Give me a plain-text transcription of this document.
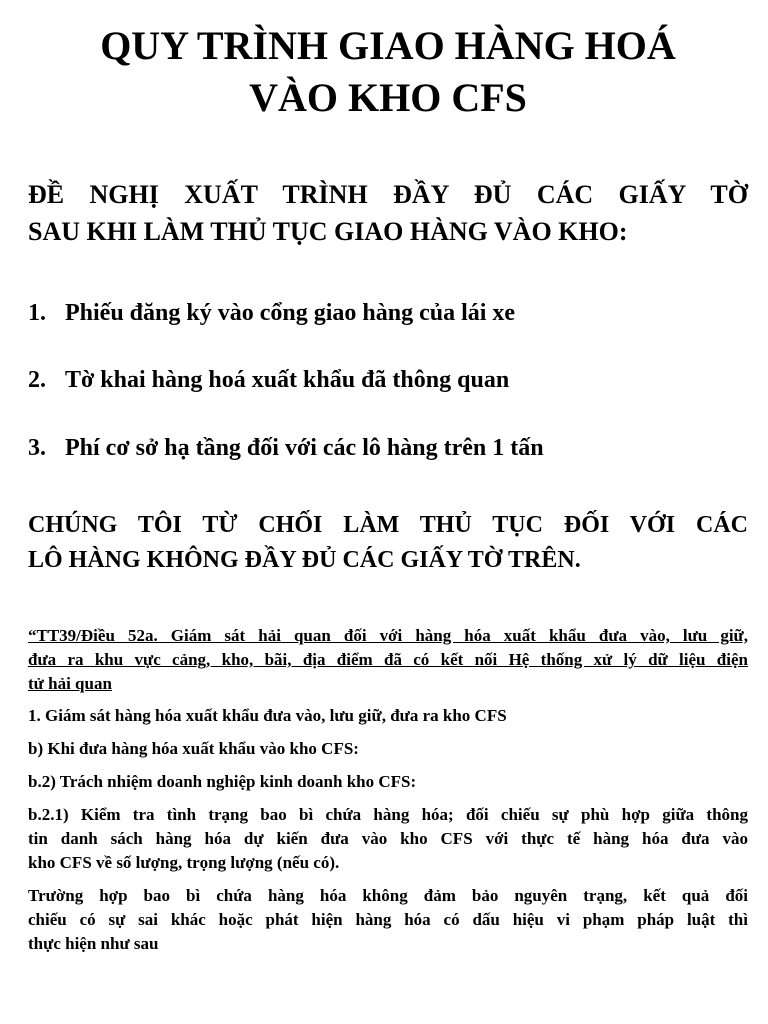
QUY TRÌNH GIAO HÀNG HOÁ
VÀO KHO CFS

ĐỀ NGHỊ XUẤT TRÌNH ĐẦY ĐỦ CÁC GIẤY TỜ
SAU KHI LÀM THỦ TỤC GIAO HÀNG VÀO KHO:

1. Phiếu đăng ký vào cổng giao hàng của lái xe
2. Tờ khai hàng hoá xuất khẩu đã thông quan
3. Phí cơ sở hạ tầng đối với các lô hàng trên 1 tấn

CHÚNG TÔI TỪ CHỐI LÀM THỦ TỤC ĐỐI VỚI CÁC
LÔ HÀNG KHÔNG ĐẦY ĐỦ CÁC GIẤY TỜ TRÊN.

“TT39/Điều 52a. Giám sát hải quan đối với hàng hóa xuất khẩu đưa vào, lưu giữ,
đưa ra khu vực cảng, kho, bãi, địa điểm đã có kết nối Hệ thống xử lý dữ liệu điện
tử hải quan

1. Giám sát hàng hóa xuất khẩu đưa vào, lưu giữ, đưa ra kho CFS

b) Khi đưa hàng hóa xuất khẩu vào kho CFS:

b.2) Trách nhiệm doanh nghiệp kinh doanh kho CFS:

b.2.1) Kiểm tra tình trạng bao bì chứa hàng hóa; đối chiếu sự phù hợp giữa thông
tin danh sách hàng hóa dự kiến đưa vào kho CFS với thực tế hàng hóa đưa vào
kho CFS về số lượng, trọng lượng (nếu có).

Trường hợp bao bì chứa hàng hóa không đảm bảo nguyên trạng, kết quả đối
chiếu có sự sai khác hoặc phát hiện hàng hóa có dấu hiệu vi phạm pháp luật thì
thực hiện như sau
